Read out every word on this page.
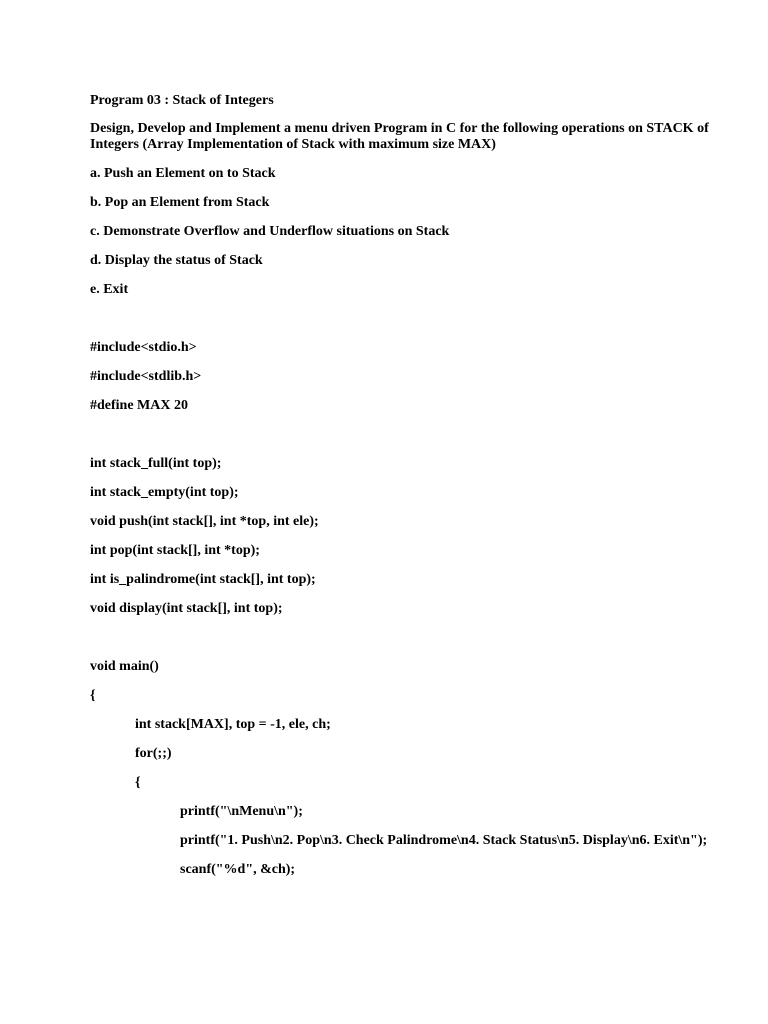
Program 03 : Stack of Integers

Design, Develop and Implement a menu driven Program in C for the following operations on STACK of Integers (Array Implementation of Stack with maximum size MAX)

a. Push an Element on to Stack

b. Pop an Element from Stack

c. Demonstrate Overflow and Underflow situations on Stack

d. Display the status of Stack

e. Exit

#include<stdio.h>

#include<stdlib.h>

#define MAX 20

int stack_full(int top);

int stack_empty(int top);

void push(int stack[], int *top, int ele);

int pop(int stack[], int *top);

int is_palindrome(int stack[], int top);

void display(int stack[], int top);

void main()

{

int stack[MAX], top = -1, ele, ch;

for(;;)

{

printf("\nMenu\n");

printf("1. Push\n2. Pop\n3. Check Palindrome\n4. Stack Status\n5. Display\n6. Exit\n");

scanf("%d", &ch);
